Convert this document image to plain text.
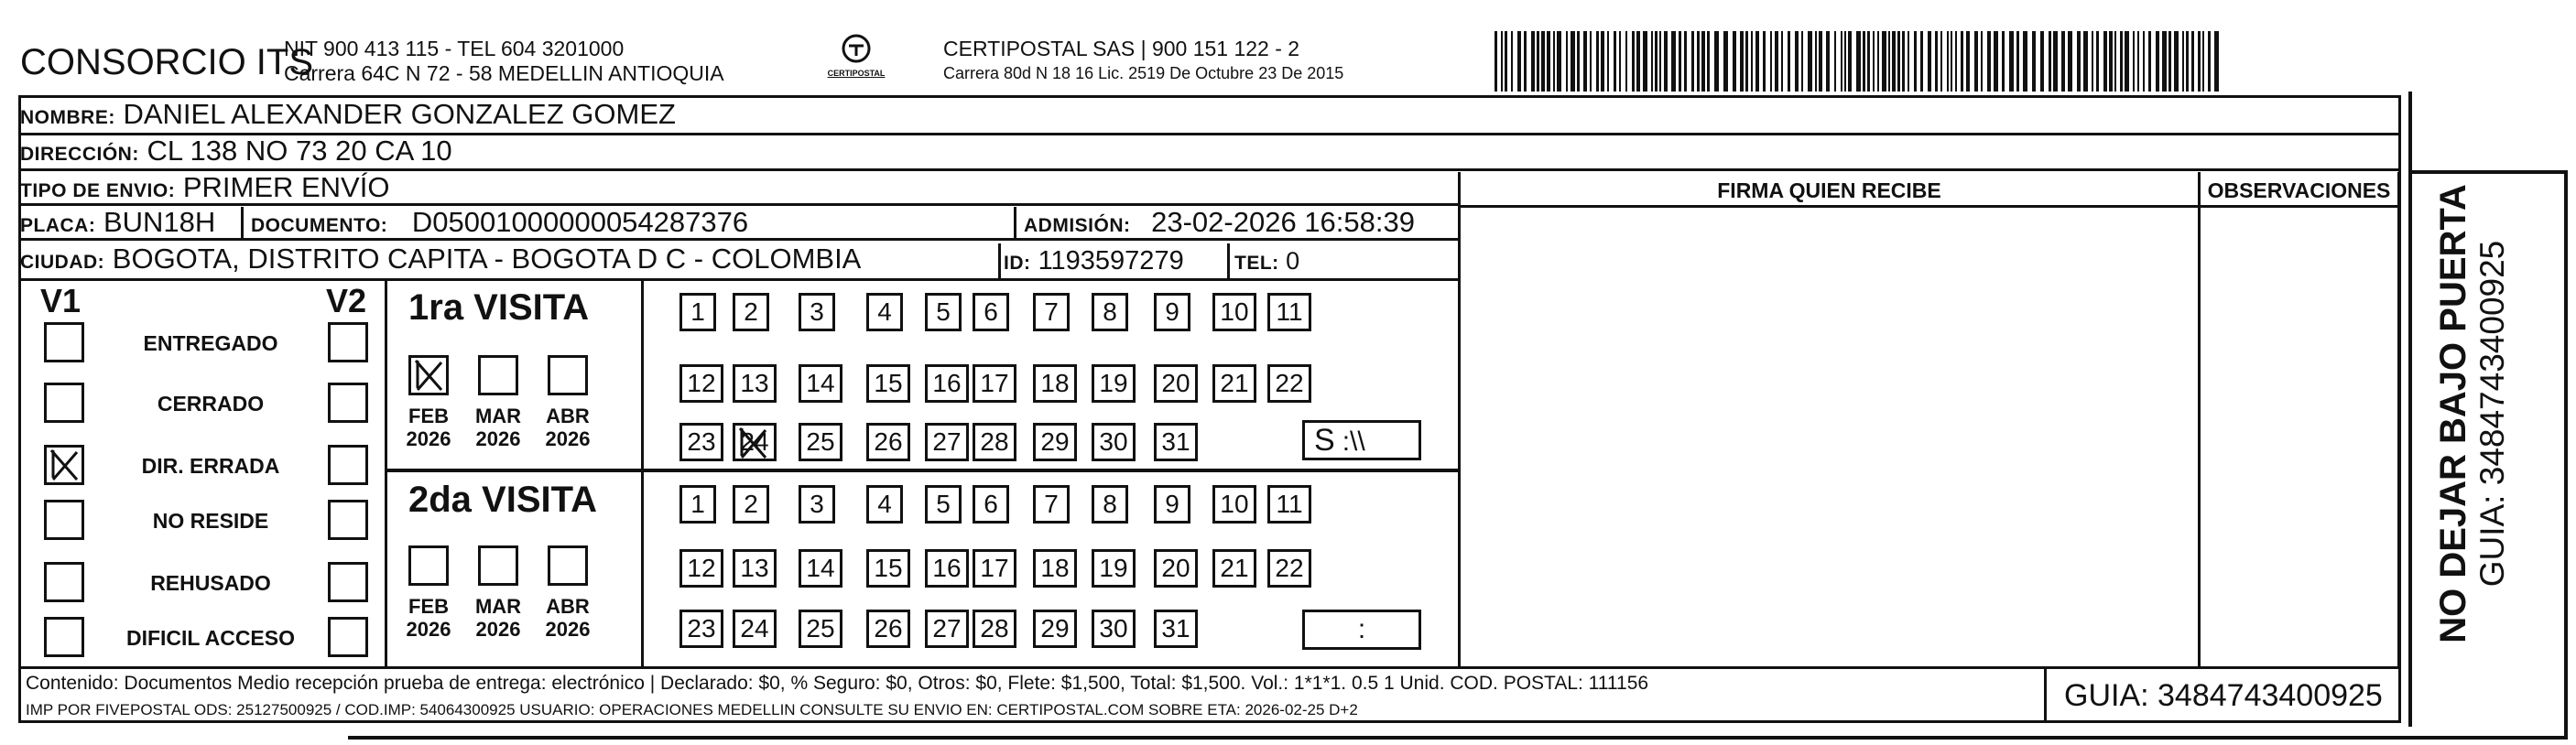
CONSORCIO ITS
NIT 900 413 115 - TEL 604 3201000
Carrera 64C N 72 - 58 MEDELLIN ANTIOQUIA	CERTIPOSTAL
CERTIPOSTAL SAS | 900 151 122 - 2
Carrera 80d N 18 16 Lic. 2519 De Octubre 23 De 2015
NOMBRE: DANIEL ALEXANDER GONZALEZ GOMEZ
DIRECCIÓN: CL 138 NO 73 20 CA 10
TIPO DE ENVIO: PRIMER ENVÍO
PLACA: BUN18H	DOCUMENTO: D05001000000054287376	ADMISIÓN: 23-02-2026 16:58:39
CIUDAD: BOGOTA, DISTRITO CAPITA - BOGOTA D C - COLOMBIA	ID: 1193597279	TEL: 0
FIRMA QUIEN RECIBE	OBSERVACIONES
V1	V2
ENTREGADO
CERRADO
DIR. ERRADA
NO RESIDE
REHUSADO
DIFICIL ACCESO
1ra VISITA
2da VISITA
FEB
2026
MAR
2026
ABR
2026
FEB
2026
MAR
2026
ABR
2026
1	2	3	4	5	6	7	8	9	10	11
12 13	14	15	16 17	18	19	20	21	22
23 24	25	26	27 28	29	30	31
1	2	3	4	5	6	7	8	9	10	11
12 13	14	15	16 17	18	19	20	21	22
23 24	25	26	27 28	29	30	31
S :\\
:
Contenido: Documentos Medio recepción prueba de entrega: electrónico | Declarado: $0, % Seguro: $0, Otros: $0, Flete: $1,500, Total: $1,500. Vol.: 1*1*1. 0.5 1 Unid. COD. POSTAL: 111156
IMP POR FIVEPOSTAL ODS: 25127500925 / COD.IMP: 54064300925 USUARIO: OPERACIONES MEDELLIN CONSULTE SU ENVIO EN: CERTIPOSTAL.COM SOBRE ETA: 2026-02-25 D+2	GUIA: 3484743400925
NO DEJAR BAJO PUERTA GUIA: 3484743400925
